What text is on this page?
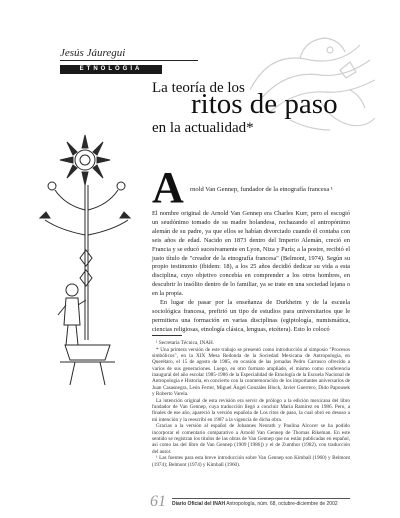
Jesús Jáuregui
ETNOLOGÍA
La teoría de los
ritos de paso
en la actualidad*
A rnold Van Gennep, fundador de la etnografía francesa ¹

El nombre original de Arnold Van Gennep era Charles Kurr, pero el escogió un seudónimo tomado de su madre holandesa, rechazando el antropónimo alemán de su padre, ya que ellos se habían divorciado cuando él contaba con seis años de edad. Nacido en 1873 dentro del Imperio Alemán, creció en Francia y se educó sucesivamente en Lyon, Niza y París; a la postre, recibió el justo título de "creador de la etnografía francesa" (Belmont, 1974). Según su propio testimonio (ibidem: 18), a los 25 años decidió dedicar su vida a esta disciplina, cuyo objetivo concebía en comprender a los otros hombres, en descubrir lo insólito dentro de lo familiar, ya se trate en una sociedad lejana o en la propia.

En lugar de pasar por la enseñanza de Durkheim y de la escuela sociológica francesa, prefirió un tipo de estudios para universitarios que le permitiera una formación en varias disciplinas (egiptología, numismática, ciencias religiosas, etnología clásica, lenguas, etcétera). Esto lo colocó

¹ Secretaría Técnica, INAH.

* Una primera versión de este trabajo se presentó como introducción al simposio "Procesos simbólicos", en la XIX Mesa Redonda de la Sociedad Mexicana de Antropología, en Querétaro, el 15 de agosto de 1985, en ocasión de las jornadas Pedro Carrasco ofrecido a varios de sus generaciones. Luego, en otro formato ampliado, el mismo como conferencia inaugural del año escolar 1985-1986 de la Especialidad de Etnología de la Escuela Nacional de Antropología e Historia, en concierto con la conmemoración de los importantes aniversarios de Juan Casasnegra, León Ferrer, Miguel Ángel Gonzáles Block, Javier Guerrero, Dido Papousek y Roberto Varela.

La intención original de esta revisión era servir de prólogo a la edición mexicana del libro fundador de Van Gennep, cuya traducción llegó a concluir María Ramírez en 1986. Pero, a finales de ese año, apareció la versión española de Los ritos de paso, la cual obró en desuso a mi intención y la reescribí en 1987 a la vigencia de dicha obra.

Gracias a la versión al español de Johannes Neurath y Paulina Alcocer se ha podido incorporar el comentario comparativo a Arnold Van Gennep de Thomas Rikeman. En este sentido se registran los títulos de las obras de Van Gennep que no están publicadas en español, así como las del libro de Van Gennep (1909 [1986]) y el de Zumthor (1982), con traducción del autor.

¹ Las fuentes para esta breve introducción sobre Van Gennep son Kimball (1960) y Belmont (1974); Belmont (1974) y Kimball (1960).

61 Diario Oficial del INAH Antropología, núm. 68, octubre-diciembre de 2002
